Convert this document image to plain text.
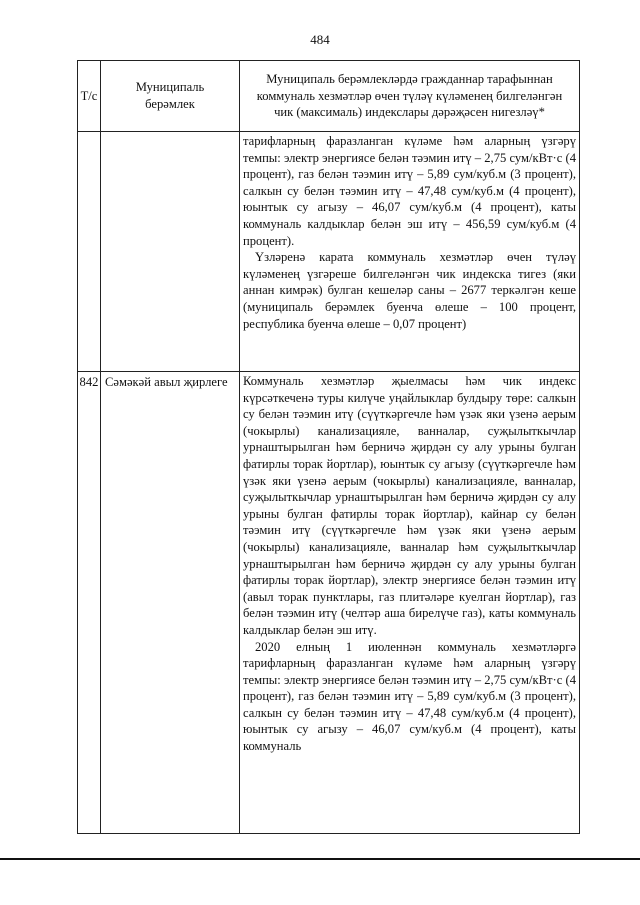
484
Т/с	Муниципаль берәмлек	Муниципаль берәмлекләрдә гражданнар тарафыннан коммуналь хезмәтләр өчен түләү күләменең билгеләнгән чик (максималь) индекслары дәрәҗәсен нигезләү*

		тарифларның фаразланган күләме һәм аларның үзгәрү темпы: электр энергиясе белән тәэмин итү – 2,75 сум/кВт·с (4 процент), газ белән тәэмин итү – 5,89 сум/куб.м (3 процент), салкын су белән тәэмин итү – 47,48 сум/куб.м (4 процент), юынтык су агызу – 46,07 сум/куб.м (4 процент), каты коммуналь калдыклар белән эш итү – 456,59 сум/куб.м (4 процент).

Үзләренә карата коммуналь хезмәтләр өчен түләү күләменең үзгәреше билгеләнгән чик индекска тигез (яки аннан кимрәк) булган кешеләр саны – 2677 теркәлгән кеше (муниципаль берәмлек буенча өлеше – 100 процент, республика буенча өлеше – 0,07 процент)

842	Сәмәкәй авыл җирлеге	Коммуналь хезмәтләр җыелмасы һәм чик индекс күрсәткеченә туры килүче уңайлыклар булдыру төре: салкын су белән тәэмин итү (сүүткәргечле һәм үзәк яки үзенә аерым (чокырлы) канализацияле, ванналар, суҗылыткычлар урнаштырылган һәм берничә җирдән су алу урыны булган фатирлы торак йортлар), юынтык су агызу (сүүткәргечле һәм үзәк яки үзенә аерым (чокырлы) канализацияле, ванналар, суҗылыткычлар урнаштырылган һәм берничә җирдән су алу урыны булган фатирлы торак йортлар), кайнар су белән тәэмин итү (сүүткәргечле һәм үзәк яки үзенә аерым (чокырлы) канализацияле, ванналар һәм суҗылыткычлар урнаштырылган һәм берничә җирдән су алу урыны булган фатирлы торак йортлар), электр энергиясе белән тәэмин итү (авыл торак пунктлары, газ плитәләре куелган йортлар), газ белән тәэмин итү (челтәр аша бирелүче газ), каты коммуналь калдыклар белән эш итү.

2020 елның 1 июленнән коммуналь хезмәтләргә тарифларның фаразланган күләме һәм аларның үзгәрү темпы: электр энергиясе белән тәэмин итү – 2,75 сум/кВт·с (4 процент), газ белән тәэмин итү – 5,89 сум/куб.м (3 процент), салкын су белән тәэмин итү – 47,48 сум/куб.м (4 процент), юынтык су агызу – 46,07 сум/куб.м (4 процент), каты коммуналь
